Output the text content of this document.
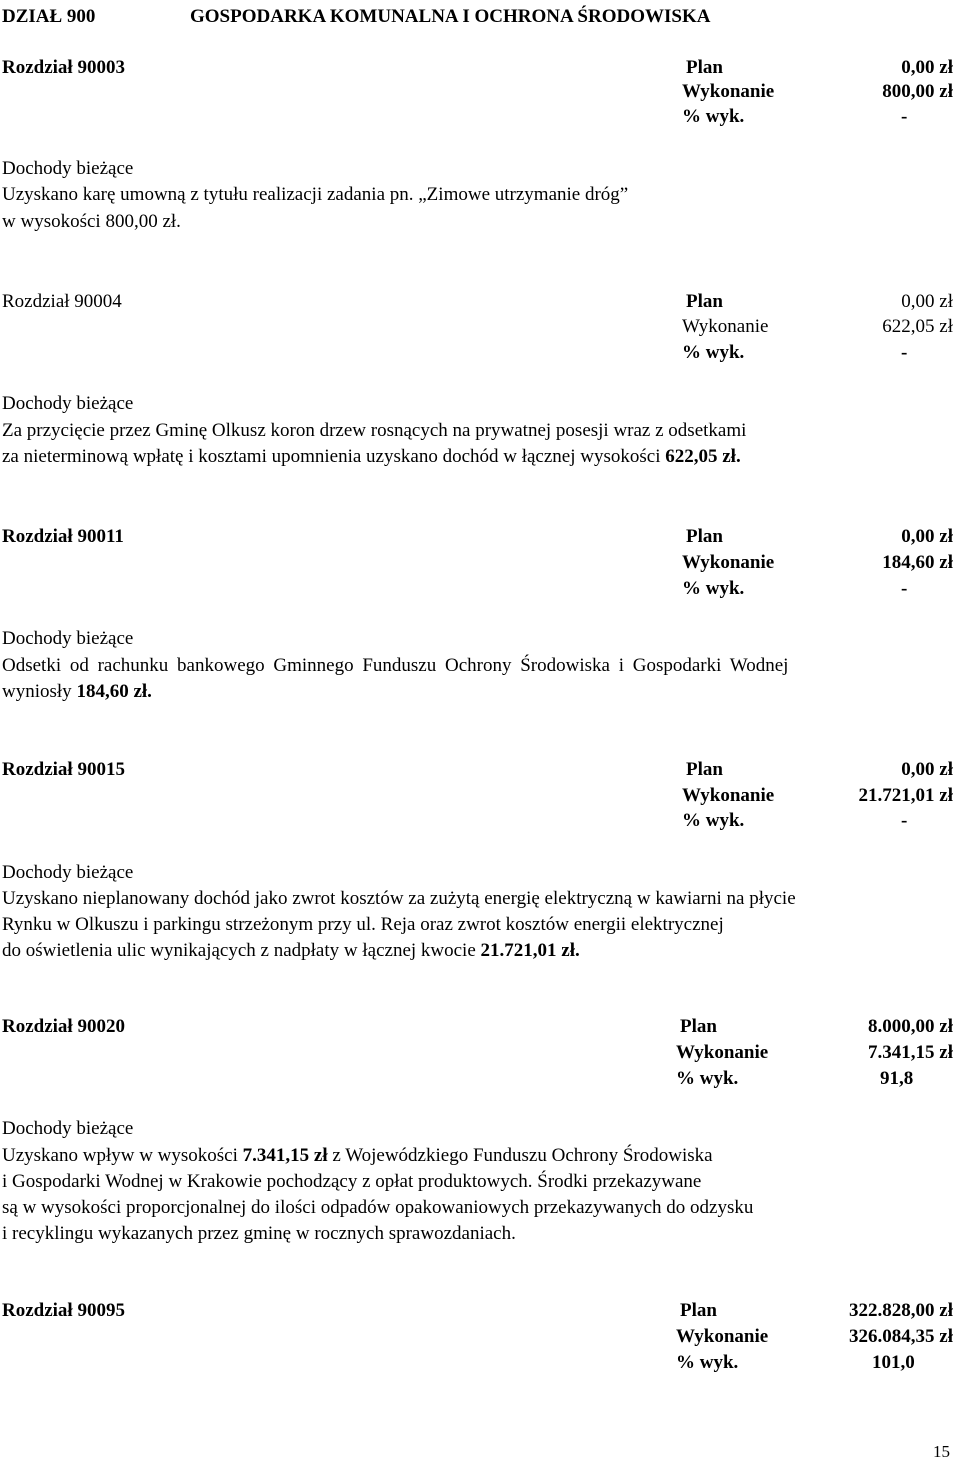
DZIAŁ 900	GOSPODARKA KOMUNALNA I OCHRONA ŚRODOWISKA
Rozdział 90003	Plan	0,00 zł
Wykonanie	800,00 zł
% wyk.	-
Dochody bieżące
Uzyskano karę umowną z tytułu realizacji zadania pn. „Zimowe utrzymanie dróg”
w wysokości 800,00 zł.
Rozdział 90004	Plan	0,00 zł
Wykonanie	622,05 zł
% wyk.	-
Dochody bieżące
Za przycięcie przez Gminę Olkusz koron drzew rosnących na prywatnej posesji wraz z odsetkami
za nieterminową wpłatę i kosztami upomnienia uzyskano dochód w łącznej wysokości 622,05 zł.
Rozdział 90011	Plan	0,00 zł
Wykonanie	184,60 zł
% wyk.	-
Dochody bieżące
Odsetki od rachunku bankowego Gminnego Funduszu Ochrony Środowiska i Gospodarki Wodnej
wyniosły 184,60 zł.
Rozdział 90015	Plan	0,00 zł
Wykonanie	21.721,01 zł
% wyk.	-
Dochody bieżące
Uzyskano nieplanowany dochód jako zwrot kosztów za zużytą energię elektryczną w kawiarni na płycie
Rynku w Olkuszu i parkingu strzeżonym przy ul. Reja oraz zwrot kosztów energii elektrycznej
do oświetlenia ulic wynikających z nadpłaty w łącznej kwocie 21.721,01 zł.
Rozdział 90020	Plan	8.000,00 zł
Wykonanie	7.341,15 zł
% wyk.	91,8
Dochody bieżące
Uzyskano wpływ w wysokości 7.341,15 zł z Wojewódzkiego Funduszu Ochrony Środowiska
i Gospodarki Wodnej w Krakowie pochodzący z opłat produktowych. Środki przekazywane
są w wysokości proporcjonalnej do ilości odpadów opakowaniowych przekazywanych do odzysku
i recyklingu wykazanych przez gminę w rocznych sprawozdaniach.
Rozdział 90095	Plan	322.828,00 zł
Wykonanie	326.084,35 zł
% wyk.	101,0
15
